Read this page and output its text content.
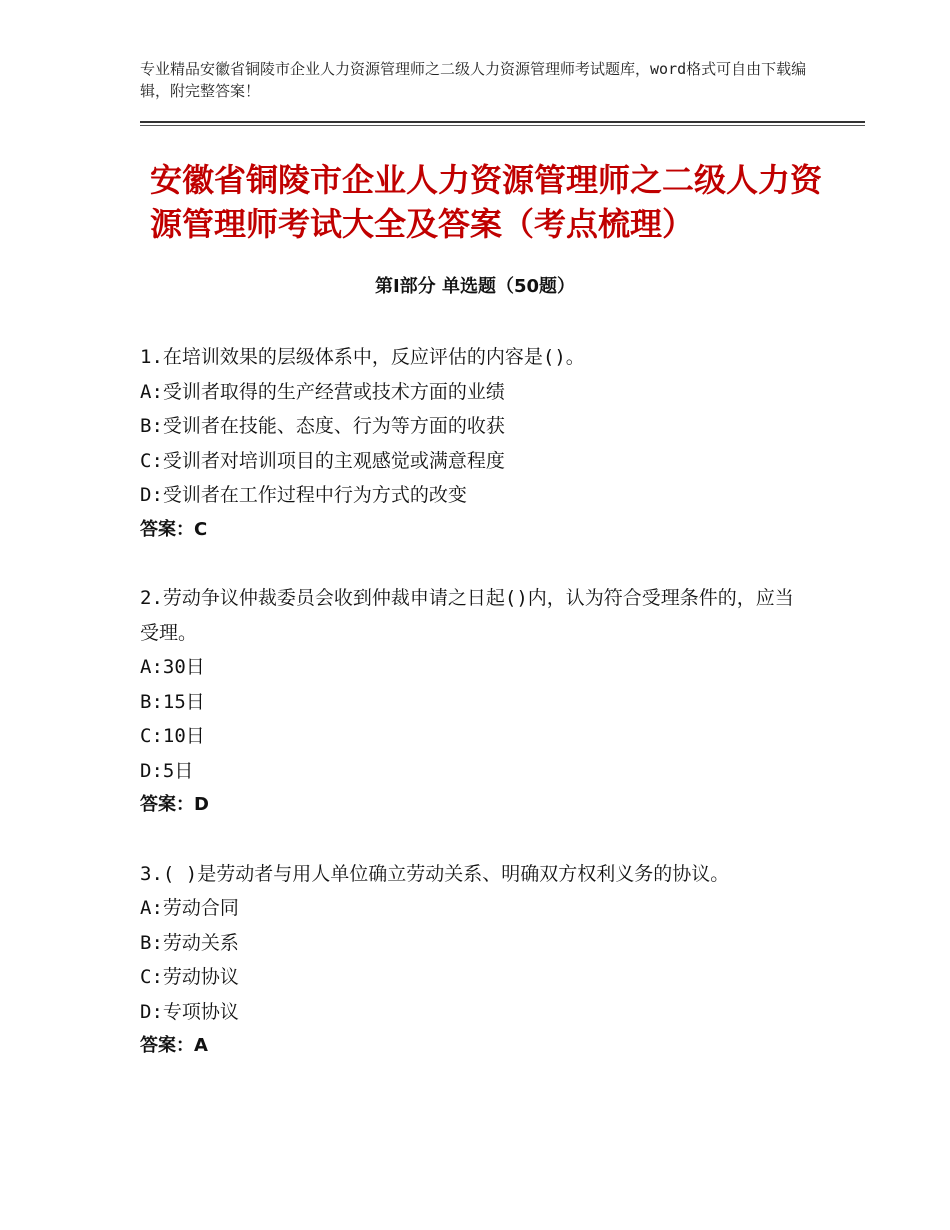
专业精品安徽省铜陵市企业人力资源管理师之二级人力资源管理师考试题库，word格式可自由下载编辑，附完整答案！
安徽省铜陵市企业人力资源管理师之二级人力资源管理师考试大全及答案（考点梳理）
第Ⅰ部分 单选题（50题）
1.在培训效果的层级体系中，反应评估的内容是()。
A:受训者取得的生产经营或技术方面的业绩
B:受训者在技能、态度、行为等方面的收获
C:受训者对培训项目的主观感觉或满意程度
D:受训者在工作过程中行为方式的改变
答案：C
2.劳动争议仲裁委员会收到仲裁申请之日起()内，认为符合受理条件的，应当受理。
A:30日
B:15日
C:10日
D:5日
答案：D
3.( )是劳动者与用人单位确立劳动关系、明确双方权利义务的协议。
A:劳动合同
B:劳动关系
C:劳动协议
D:专项协议
答案：A
